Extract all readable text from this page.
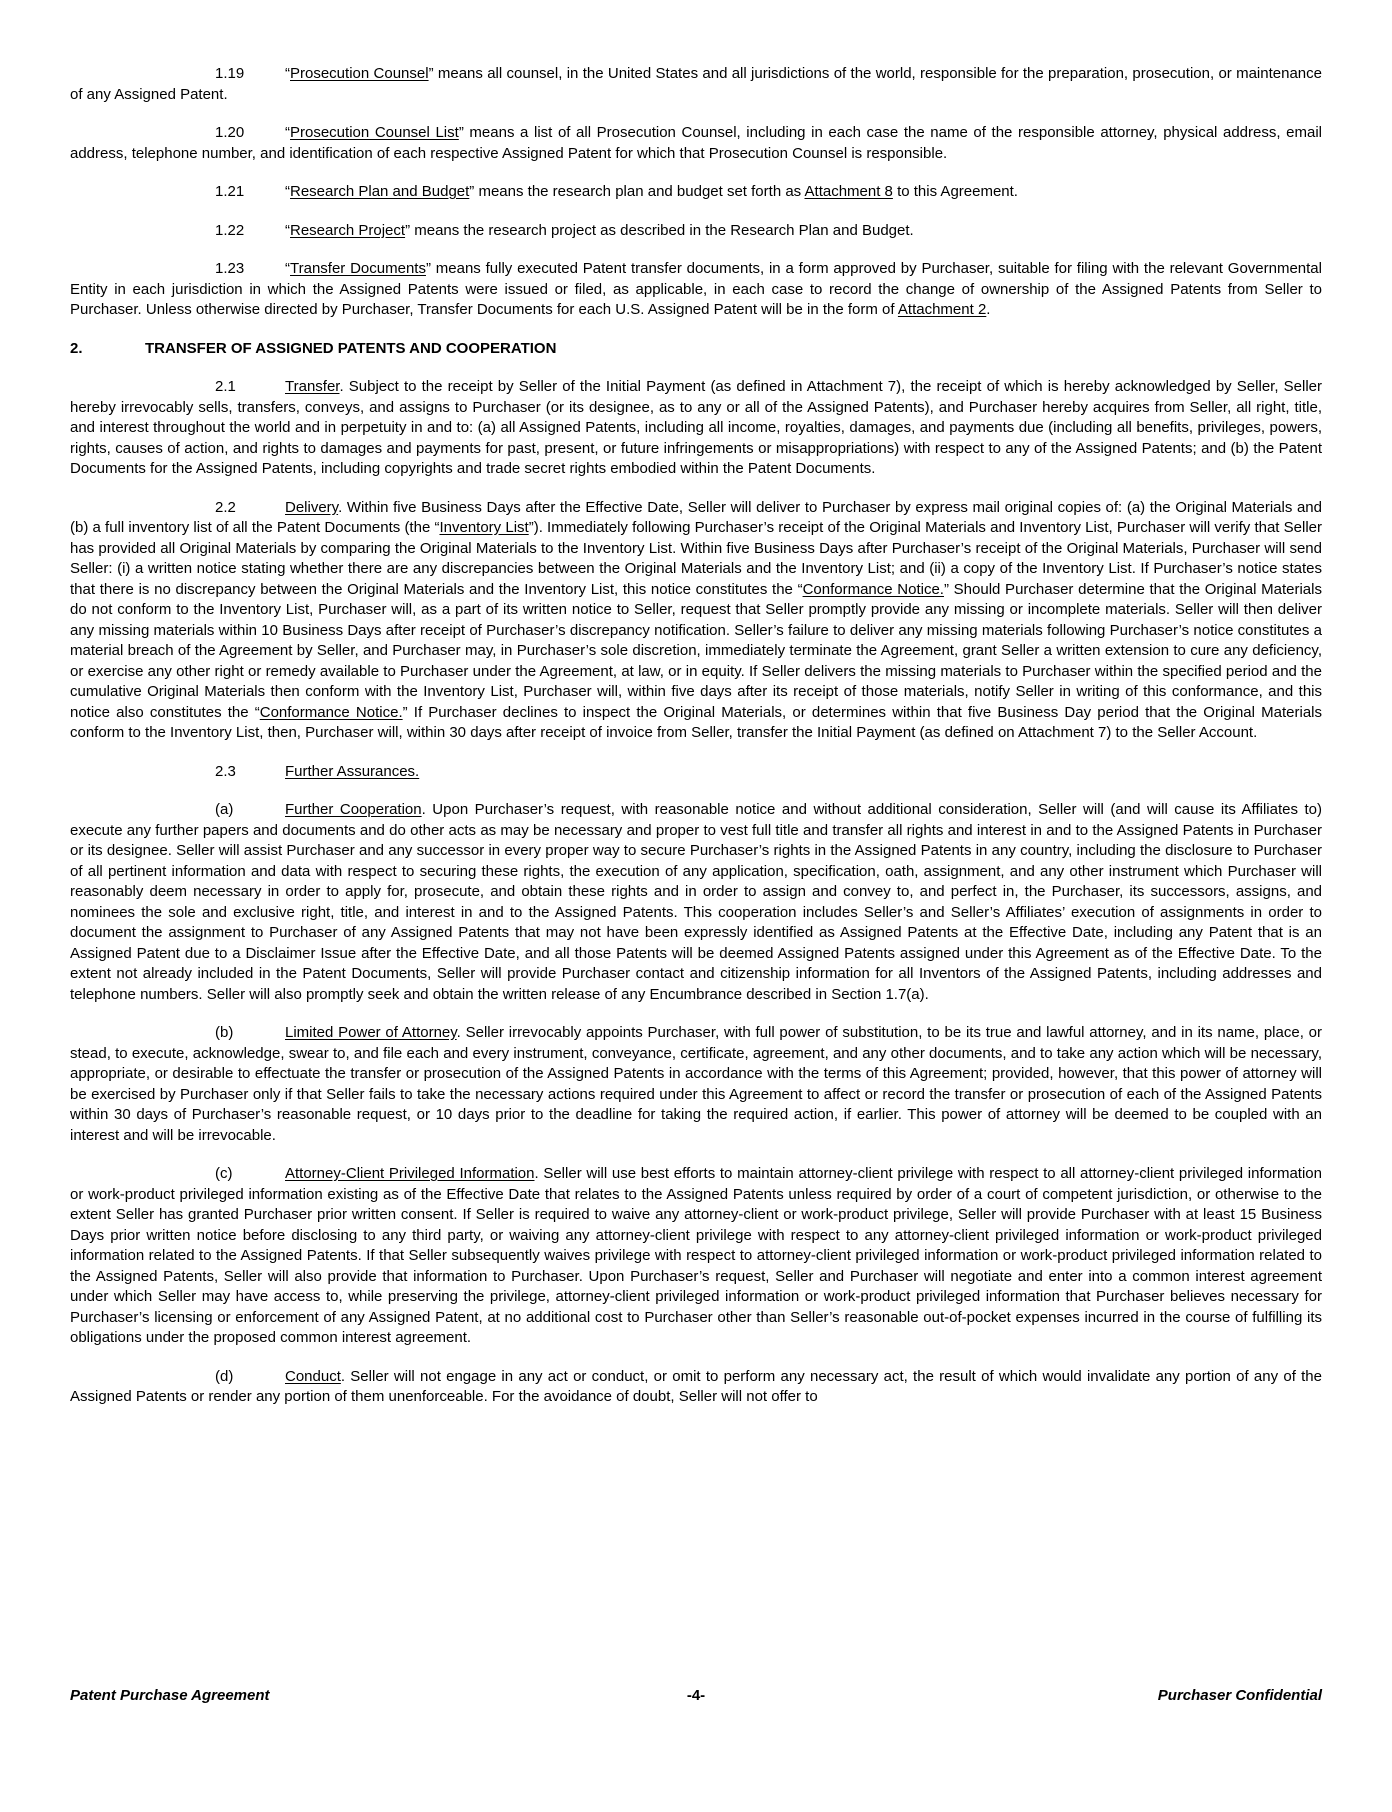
1.19	“Prosecution Counsel” means all counsel, in the United States and all jurisdictions of the world, responsible for the preparation, prosecution, or maintenance of any Assigned Patent.

1.20	“Prosecution Counsel List” means a list of all Prosecution Counsel, including in each case the name of the responsible attorney, physical address, email address, telephone number, and identification of each respective Assigned Patent for which that Prosecution Counsel is responsible.

1.21	“Research Plan and Budget” means the research plan and budget set forth as Attachment 8 to this Agreement.

1.22	“Research Project” means the research project as described in the Research Plan and Budget.

1.23	“Transfer Documents” means fully executed Patent transfer documents, in a form approved by Purchaser, suitable for filing with the relevant Governmental Entity in each jurisdiction in which the Assigned Patents were issued or filed, as applicable, in each case to record the change of ownership of the Assigned Patents from Seller to Purchaser. Unless otherwise directed by Purchaser, Transfer Documents for each U.S. Assigned Patent will be in the form of Attachment 2.

2.	TRANSFER OF ASSIGNED PATENTS AND COOPERATION

2.1	Transfer. Subject to the receipt by Seller of the Initial Payment (as defined in Attachment 7), the receipt of which is hereby acknowledged by Seller, Seller hereby irrevocably sells, transfers, conveys, and assigns to Purchaser (or its designee, as to any or all of the Assigned Patents), and Purchaser hereby acquires from Seller, all right, title, and interest throughout the world and in perpetuity in and to: (a) all Assigned Patents, including all income, royalties, damages, and payments due (including all benefits, privileges, powers, rights, causes of action, and rights to damages and payments for past, present, or future infringements or misappropriations) with respect to any of the Assigned Patents; and (b) the Patent Documents for the Assigned Patents, including copyrights and trade secret rights embodied within the Patent Documents.

2.2	Delivery. Within five Business Days after the Effective Date, Seller will deliver to Purchaser by express mail original copies of: (a) the Original Materials and (b) a full inventory list of all the Patent Documents (the “Inventory List”). Immediately following Purchaser’s receipt of the Original Materials and Inventory List, Purchaser will verify that Seller has provided all Original Materials by comparing the Original Materials to the Inventory List. Within five Business Days after Purchaser’s receipt of the Original Materials, Purchaser will send Seller: (i) a written notice stating whether there are any discrepancies between the Original Materials and the Inventory List; and (ii) a copy of the Inventory List. If Purchaser’s notice states that there is no discrepancy between the Original Materials and the Inventory List, this notice constitutes the “Conformance Notice.” Should Purchaser determine that the Original Materials do not conform to the Inventory List, Purchaser will, as a part of its written notice to Seller, request that Seller promptly provide any missing or incomplete materials. Seller will then deliver any missing materials within 10 Business Days after receipt of Purchaser’s discrepancy notification. Seller’s failure to deliver any missing materials following Purchaser’s notice constitutes a material breach of the Agreement by Seller, and Purchaser may, in Purchaser’s sole discretion, immediately terminate the Agreement, grant Seller a written extension to cure any deficiency, or exercise any other right or remedy available to Purchaser under the Agreement, at law, or in equity. If Seller delivers the missing materials to Purchaser within the specified period and the cumulative Original Materials then conform with the Inventory List, Purchaser will, within five days after its receipt of those materials, notify Seller in writing of this conformance, and this notice also constitutes the “Conformance Notice.” If Purchaser declines to inspect the Original Materials, or determines within that five Business Day period that the Original Materials conform to the Inventory List, then, Purchaser will, within 30 days after receipt of invoice from Seller, transfer the Initial Payment (as defined on Attachment 7) to the Seller Account.

2.3	Further Assurances.

(a)	Further Cooperation. Upon Purchaser’s request, with reasonable notice and without additional consideration, Seller will (and will cause its Affiliates to) execute any further papers and documents and do other acts as may be necessary and proper to vest full title and transfer all rights and interest in and to the Assigned Patents in Purchaser or its designee. Seller will assist Purchaser and any successor in every proper way to secure Purchaser’s rights in the Assigned Patents in any country, including the disclosure to Purchaser of all pertinent information and data with respect to securing these rights, the execution of any application, specification, oath, assignment, and any other instrument which Purchaser will reasonably deem necessary in order to apply for, prosecute, and obtain these rights and in order to assign and convey to, and perfect in, the Purchaser, its successors, assigns, and nominees the sole and exclusive right, title, and interest in and to the Assigned Patents. This cooperation includes Seller’s and Seller’s Affiliates’ execution of assignments in order to document the assignment to Purchaser of any Assigned Patents that may not have been expressly identified as Assigned Patents at the Effective Date, including any Patent that is an Assigned Patent due to a Disclaimer Issue after the Effective Date, and all those Patents will be deemed Assigned Patents assigned under this Agreement as of the Effective Date. To the extent not already included in the Patent Documents, Seller will provide Purchaser contact and citizenship information for all Inventors of the Assigned Patents, including addresses and telephone numbers. Seller will also promptly seek and obtain the written release of any Encumbrance described in Section 1.7(a).

(b)	Limited Power of Attorney. Seller irrevocably appoints Purchaser, with full power of substitution, to be its true and lawful attorney, and in its name, place, or stead, to execute, acknowledge, swear to, and file each and every instrument, conveyance, certificate, agreement, and any other documents, and to take any action which will be necessary, appropriate, or desirable to effectuate the transfer or prosecution of the Assigned Patents in accordance with the terms of this Agreement; provided, however, that this power of attorney will be exercised by Purchaser only if that Seller fails to take the necessary actions required under this Agreement to affect or record the transfer or prosecution of each of the Assigned Patents within 30 days of Purchaser’s reasonable request, or 10 days prior to the deadline for taking the required action, if earlier. This power of attorney will be deemed to be coupled with an interest and will be irrevocable.

(c)	Attorney-Client Privileged Information. Seller will use best efforts to maintain attorney-client privilege with respect to all attorney-client privileged information or work-product privileged information existing as of the Effective Date that relates to the Assigned Patents unless required by order of a court of competent jurisdiction, or otherwise to the extent Seller has granted Purchaser prior written consent. If Seller is required to waive any attorney-client or work-product privilege, Seller will provide Purchaser with at least 15 Business Days prior written notice before disclosing to any third party, or waiving any attorney-client privilege with respect to any attorney-client privileged information or work-product privileged information related to the Assigned Patents. If that Seller subsequently waives privilege with respect to attorney-client privileged information or work-product privileged information related to the Assigned Patents, Seller will also provide that information to Purchaser. Upon Purchaser’s request, Seller and Purchaser will negotiate and enter into a common interest agreement under which Seller may have access to, while preserving the privilege, attorney-client privileged information or work-product privileged information that Purchaser believes necessary for Purchaser’s licensing or enforcement of any Assigned Patent, at no additional cost to Purchaser other than Seller’s reasonable out-of-pocket expenses incurred in the course of fulfilling its obligations under the proposed common interest agreement.

(d)	Conduct. Seller will not engage in any act or conduct, or omit to perform any necessary act, the result of which would invalidate any portion of any of the Assigned Patents or render any portion of them unenforceable. For the avoidance of doubt, Seller will not offer to

Patent Purchase Agreement	-4-	Purchaser Confidential
